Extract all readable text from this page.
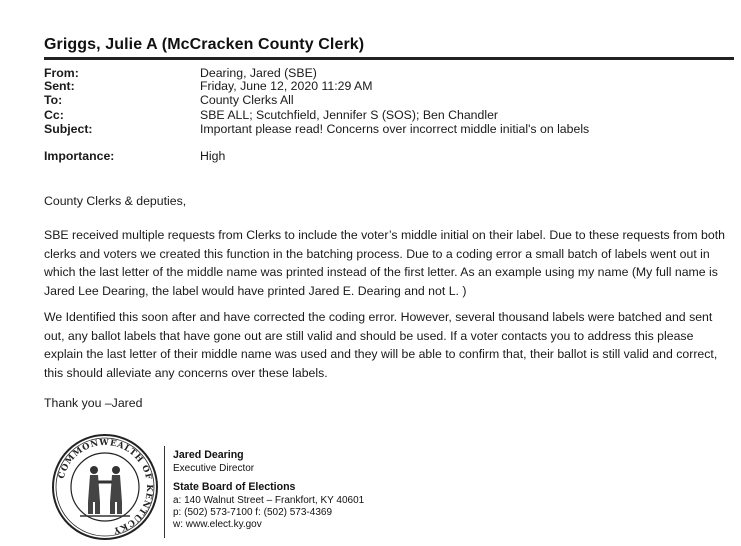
Griggs, Julie A (McCracken County Clerk)
From:	Dearing, Jared (SBE)
Sent:	Friday, June 12, 2020 11:29 AM
To:	County Clerks All
Cc:	SBE ALL; Scutchfield, Jennifer S (SOS); Ben Chandler
Subject:	Important please read! Concerns over incorrect middle initial's on labels
Importance:	High
County Clerks & deputies,
SBE received multiple requests from Clerks to include the voter’s middle initial on their label. Due to these requests from both clerks and voters we created this function in the batching process. Due to a coding error a small batch of labels went out in which the last letter of the middle name was printed instead of the first letter. As an example using my name (My full name is Jared Lee Dearing, the label would have printed Jared E. Dearing and not L. )
We Identified this soon after and have corrected the coding error. However, several thousand labels were batched and sent out, any ballot labels that have gone out are still valid and should be used. If a voter contacts you to address this please explain the last letter of their middle name was used and they will be able to confirm that, their ballot is still valid and correct, this should alleviate any concerns over these labels.
Thank you –Jared
COMMONWEALTH OF KENTUCKY
Jared Dearing
Executive Director
State Board of Elections
a: 140 Walnut Street – Frankfort, KY 40601
p: (502) 573-7100 f: (502) 573-4369
w: www.elect.ky.gov
